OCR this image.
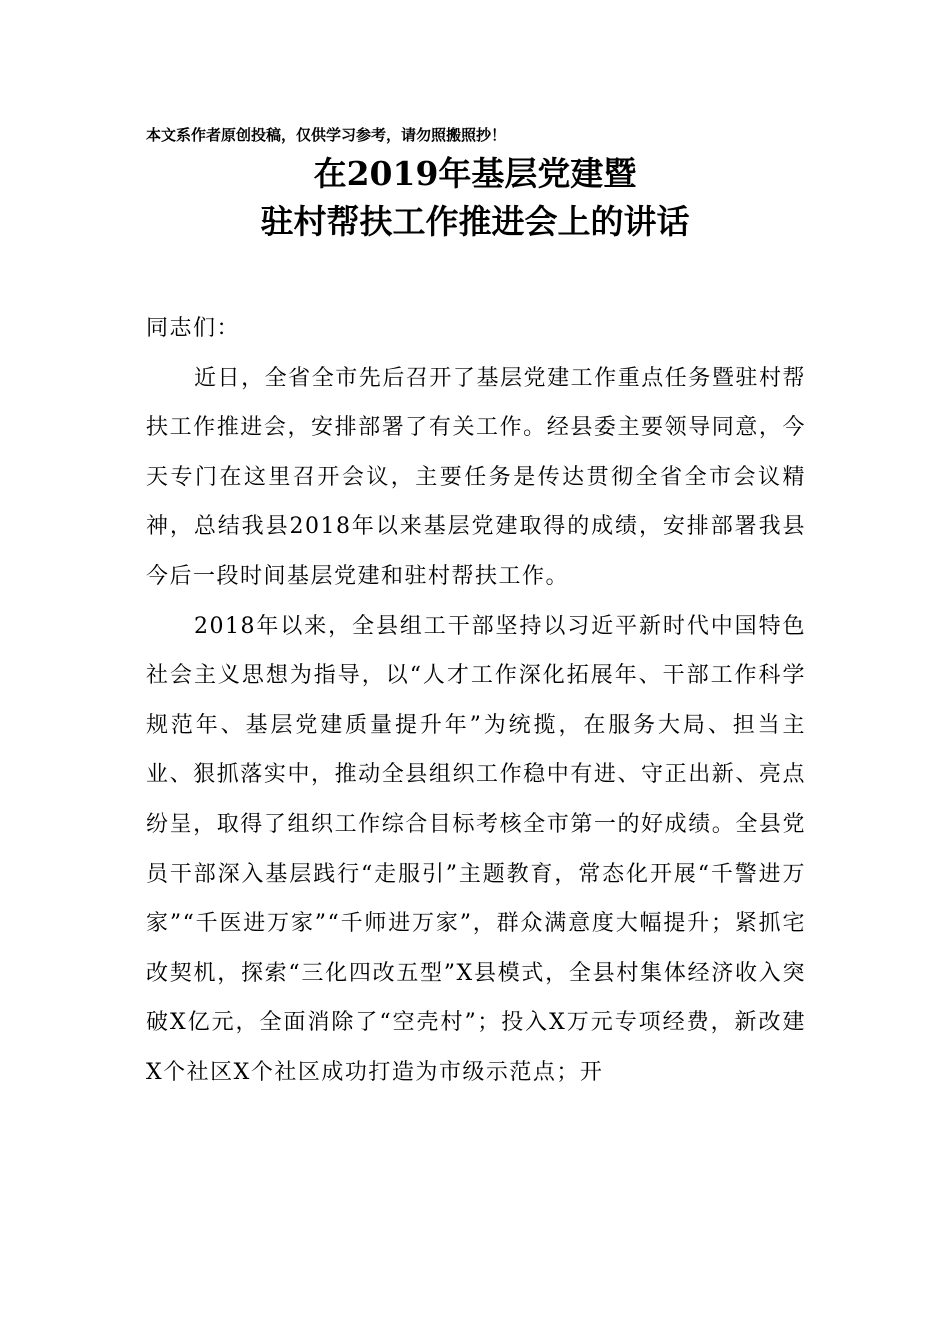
本文系作者原创投稿，仅供学习参考，请勿照搬照抄！
在2019年基层党建暨
驻村帮扶工作推进会上的讲话

同志们：

近日，全省全市先后召开了基层党建工作重点任务暨驻村帮扶工作推进会，安排部署了有关工作。经县委主要领导同意，今天专门在这里召开会议，主要任务是传达贯彻全省全市会议精神，总结我县2018年以来基层党建取得的成绩，安排部署我县今后一段时间基层党建和驻村帮扶工作。

2018年以来，全县组工干部坚持以习近平新时代中国特色社会主义思想为指导，以“人才工作深化拓展年、干部工作科学规范年、基层党建质量提升年”为统揽，在服务大局、担当主业、狠抓落实中，推动全县组织工作稳中有进、守正出新、亮点纷呈，取得了组织工作综合目标考核全市第一的好成绩。全县党员干部深入基层践行“走服引”主题教育，常态化开展“千警进万家”“千医进万家”“千师进万家”，群众满意度大幅提升；紧抓宅改契机，探索“三化四改五型”X县模式，全县村集体经济收入突破X亿元，全面消除了“空壳村”；投入X万元专项经费，新改建X个社区X个社区成功打造为市级示范点；开
